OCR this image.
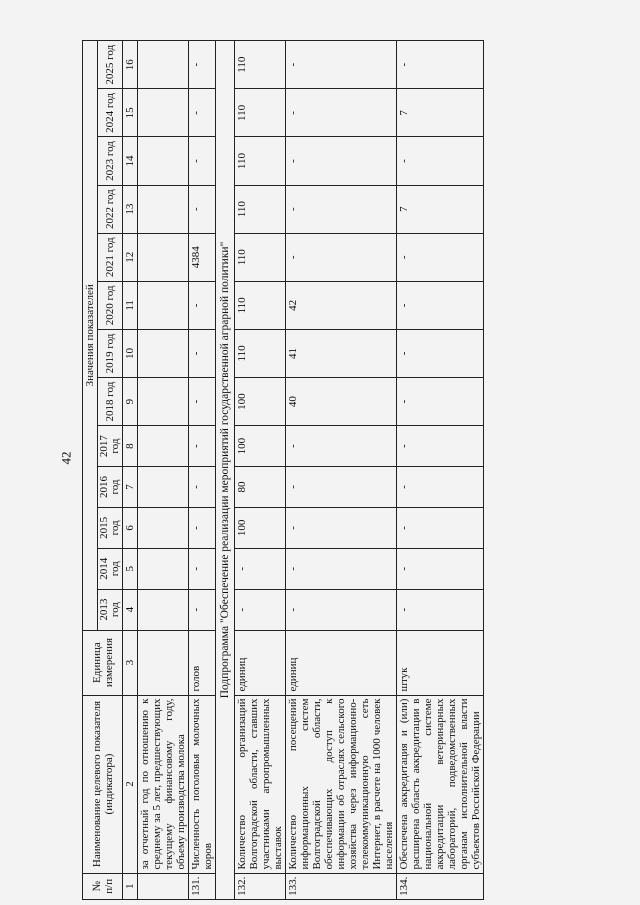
42
№ п/п	Наименование целевого показателя (индикатора)	Единица измерения	Значения показателей												
			2013 год	2014 год	2015 год	2016 год	2017 год	2018 год	2019 год	2020 год	2021 год	2022 год	2023 год	2024 год	2025 год
1	2	3	4	5	6	7	8	9	10	11	12	13	14	15	16
	за отчетный год по отношению к среднему за 5 лет, предшествующих текущему финансовому году, объему производства молока														
131.	Численность поголовья молочных коров	голов	-	-	-	-	-	-	-	-	4384	-	-	-	-
Подпрограмма "Обеспечение реализации мероприятий государственной аграрной политики"															
132.	Количество организаций Волгоградской области, ставших участниками агропромышленных выставок	единиц	-	-	100	80	100	100	110	110	110	110	110	110	110
133.	Количество посещений информационных систем Волгоградской области, обеспечивающих доступ к информации об отраслях сельского хозяйства через информационно-телекоммуникационную сеть Интернет, в расчете на 1000 человек населения	единиц	-	-	-	-	-	40	41	42	-	-	-	-	-
134.	Обеспечена аккредитация и (или) расширена область аккредитации в национальной системе аккредитации ветеринарных лабораторий, подведомственных органам исполнительной власти субъектов Российской Федерации	штук	-	-	-	-	-	-	-	-	-	7	-	7	-
